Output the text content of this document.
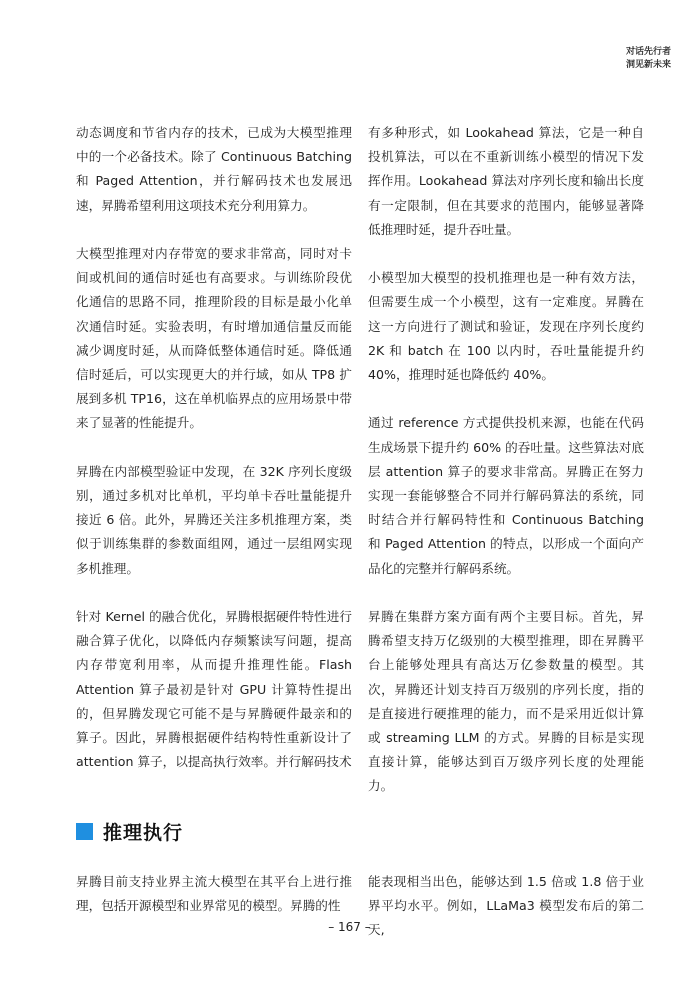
对话先行者
洞见新未来

动态调度和节省内存的技术，已成为大模型推理中的一个必备技术。除了 Continuous Batching 和 Paged Attention，并行解码技术也发展迅速，昇腾希望利用这项技术充分利用算力。

大模型推理对内存带宽的要求非常高，同时对卡间或机间的通信时延也有高要求。与训练阶段优化通信的思路不同，推理阶段的目标是最小化单次通信时延。实验表明，有时增加通信量反而能减少调度时延，从而降低整体通信时延。降低通信时延后，可以实现更大的并行域，如从 TP8 扩展到多机 TP16，这在单机临界点的应用场景中带来了显著的性能提升。

昇腾在内部模型验证中发现，在 32K 序列长度级别，通过多机对比单机，平均单卡吞吐量能提升接近 6 倍。此外，昇腾还关注多机推理方案，类似于训练集群的参数面组网，通过一层组网实现多机推理。

针对 Kernel 的融合优化，昇腾根据硬件特性进行融合算子优化，以降低内存频繁读写问题，提高内存带宽利用率，从而提升推理性能。Flash Attention 算子最初是针对 GPU 计算特性提出的，但昇腾发现它可能不是与昇腾硬件最亲和的算子。因此，昇腾根据硬件结构特性重新设计了 attention 算子，以提高执行效率。并行解码技术

有多种形式，如 Lookahead 算法，它是一种自投机算法，可以在不重新训练小模型的情况下发挥作用。Lookahead 算法对序列长度和输出长度有一定限制，但在其要求的范围内，能够显著降低推理时延，提升吞吐量。

小模型加大模型的投机推理也是一种有效方法，但需要生成一个小模型，这有一定难度。昇腾在这一方向进行了测试和验证，发现在序列长度约 2K 和 batch 在 100 以内时，吞吐量能提升约 40%，推理时延也降低约 40%。

通过 reference 方式提供投机来源，也能在代码生成场景下提升约 60% 的吞吐量。这些算法对底层 attention 算子的要求非常高。昇腾正在努力实现一套能够整合不同并行解码算法的系统，同时结合并行解码特性和 Continuous Batching 和 Paged Attention 的特点，以形成一个面向产品化的完整并行解码系统。

昇腾在集群方案方面有两个主要目标。首先，昇腾希望支持万亿级别的大模型推理，即在昇腾平台上能够处理具有高达万亿参数量的模型。其次，昇腾还计划支持百万级别的序列长度，指的是直接进行硬推理的能力，而不是采用近似计算或 streaming LLM 的方式。昇腾的目标是实现直接计算，能够达到百万级序列长度的处理能力。

推理执行
昇腾目前支持业界主流大模型在其平台上进行推理，包括开源模型和业界常见的模型。昇腾的性
能表现相当出色，能够达到 1.5 倍或 1.8 倍于业界平均水平。例如，LLaMa3 模型发布后的第二天,
– 167 –
